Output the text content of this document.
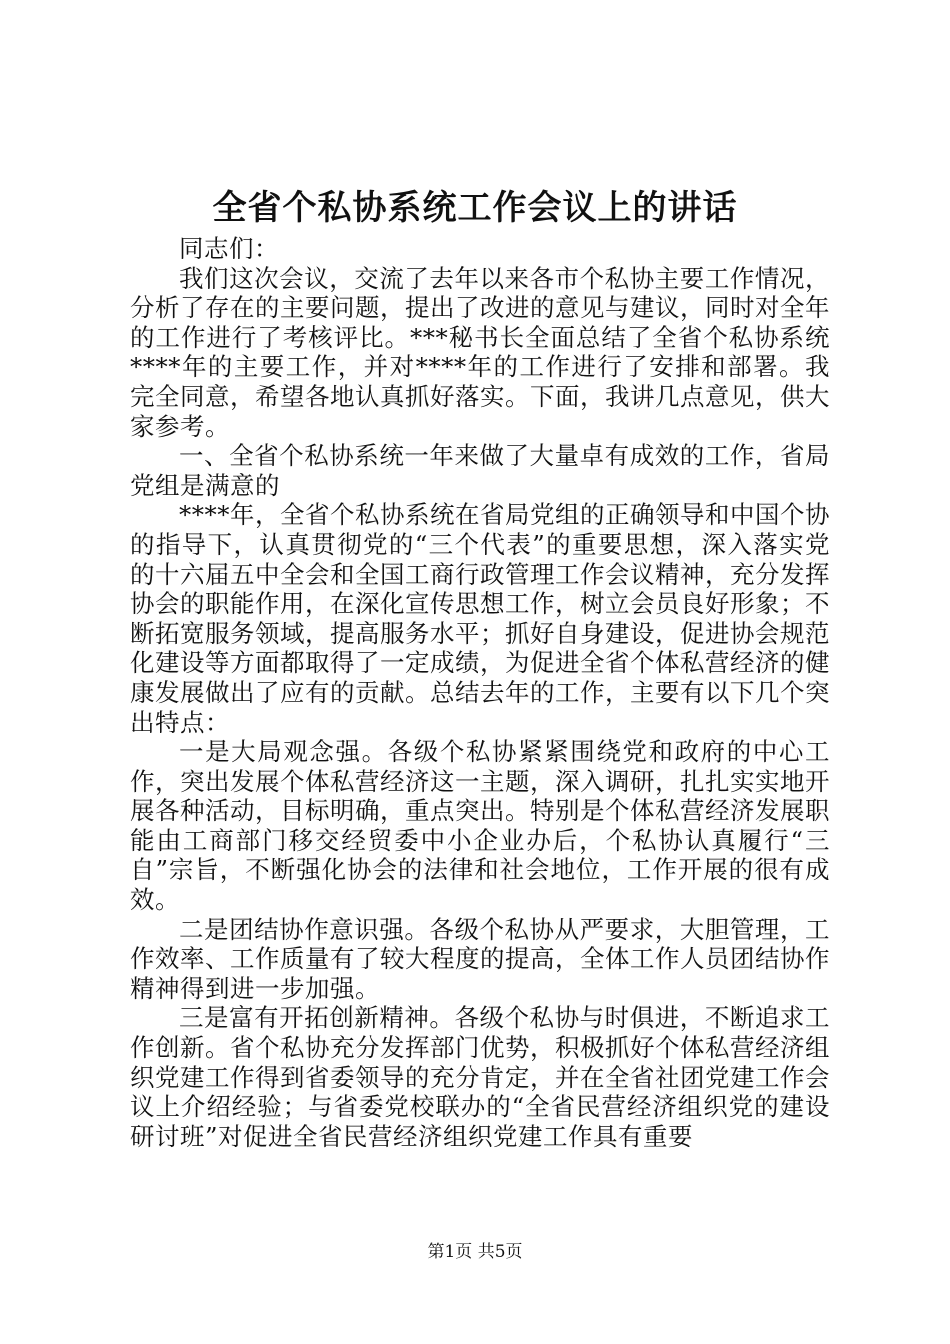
全省个私协系统工作会议上的讲话

同志们：

我们这次会议，交流了去年以来各市个私协主要工作情况，分析了存在的主要问题，提出了改进的意见与建议，同时对全年的工作进行了考核评比。***秘书长全面总结了全省个私协系统****年的主要工作，并对****年的工作进行了安排和部署。我完全同意，希望各地认真抓好落实。下面，我讲几点意见，供大家参考。

一、全省个私协系统一年来做了大量卓有成效的工作，省局党组是满意的

****年，全省个私协系统在省局党组的正确领导和中国个协的指导下，认真贯彻党的“三个代表”的重要思想，深入落实党的十六届五中全会和全国工商行政管理工作会议精神，充分发挥协会的职能作用，在深化宣传思想工作，树立会员良好形象；不断拓宽服务领域，提高服务水平；抓好自身建设，促进协会规范化建设等方面都取得了一定成绩，为促进全省个体私营经济的健康发展做出了应有的贡献。总结去年的工作，主要有以下几个突出特点：

一是大局观念强。各级个私协紧紧围绕党和政府的中心工作，突出发展个体私营经济这一主题，深入调研，扎扎实实地开展各种活动，目标明确，重点突出。特别是个体私营经济发展职能由工商部门移交经贸委中小企业办后，个私协认真履行“三自”宗旨，不断强化协会的法律和社会地位，工作开展的很有成效。

二是团结协作意识强。各级个私协从严要求，大胆管理，工作效率、工作质量有了较大程度的提高，全体工作人员团结协作精神得到进一步加强。

三是富有开拓创新精神。各级个私协与时俱进，不断追求工作创新。省个私协充分发挥部门优势，积极抓好个体私营经济组织党建工作得到省委领导的充分肯定，并在全省社团党建工作会议上介绍经验；与省委党校联办的“全省民营经济组织党的建设研讨班”对促进全省民营经济组织党建工作具有重要

第1页 共5页
